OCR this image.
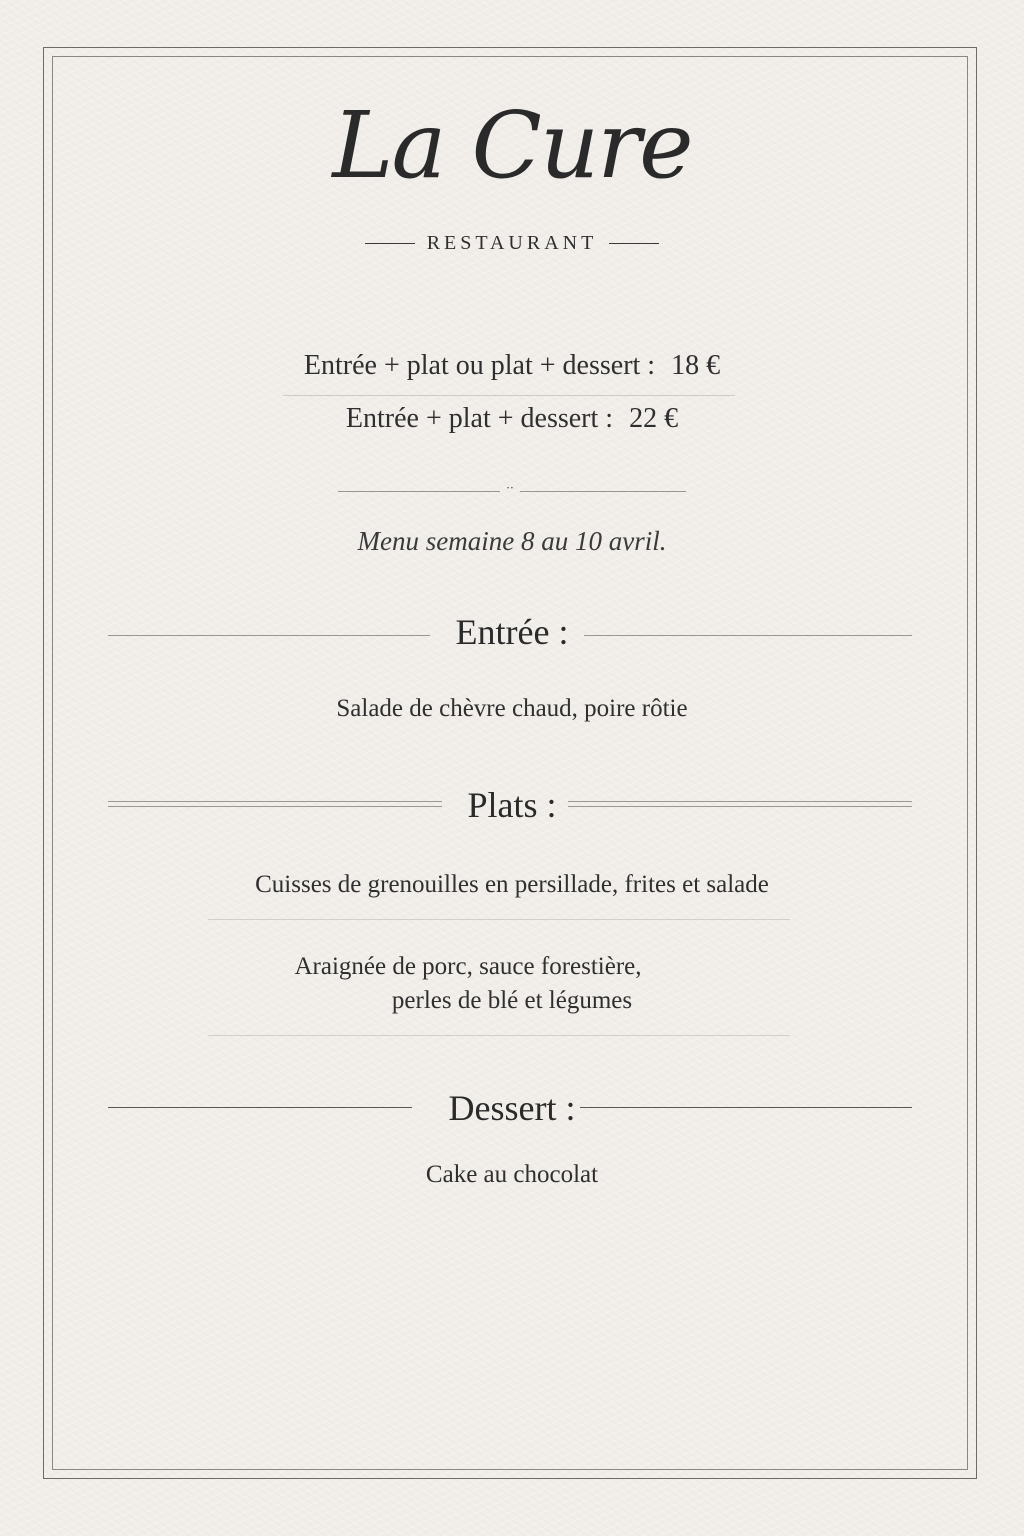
La Cure
RESTAURANT
Entrée + plat ou plat + dessert : 18 €
Entrée + plat + dessert : 22 €
··
Menu semaine 8 au 10 avril.
Entrée :
Salade de chèvre chaud, poire rôtie
Plats :
Cuisses de grenouilles en persillade, frites et salade
Araignée de porc, sauce forestière,
perles de blé et légumes
Dessert :
Cake au chocolat
